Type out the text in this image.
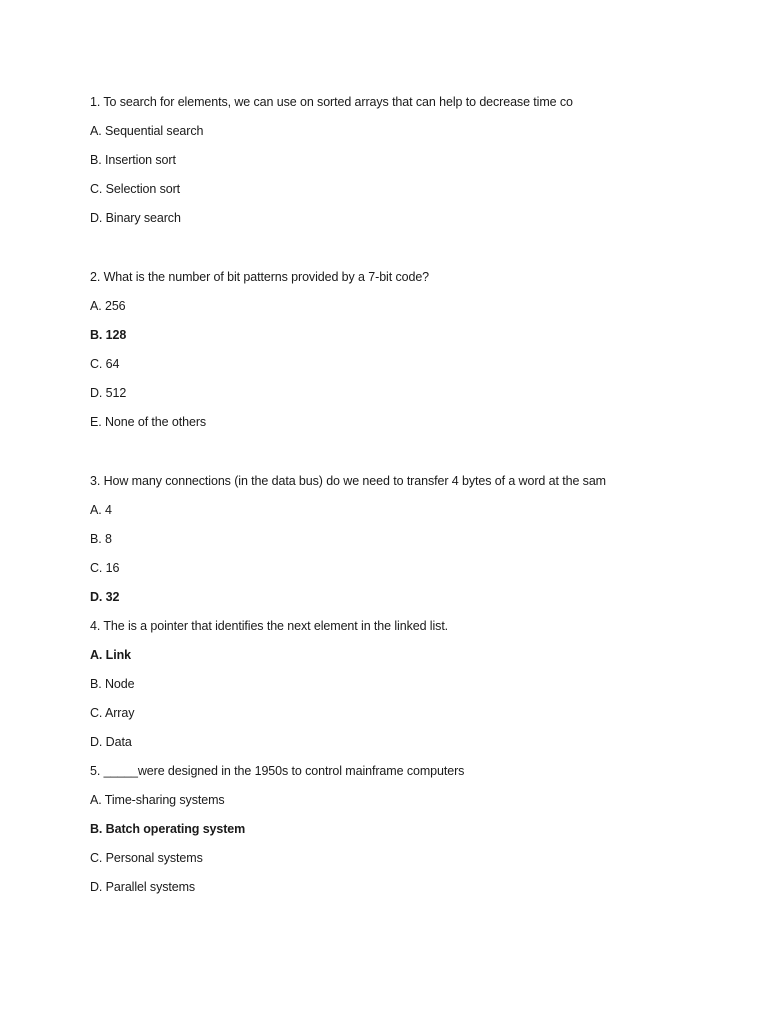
1. To search for elements, we can use on sorted arrays that can help to decrease time co
A. Sequential search
B. Insertion sort
C. Selection sort
D. Binary search
2. What is the number of bit patterns provided by a 7-bit code?
A. 256
B. 128
C. 64
D. 512
E. None of the others
3. How many connections (in the data bus) do we need to transfer 4 bytes of a word at the sam
A. 4
B. 8
C. 16
D. 32
4. The is a pointer that identifies the next element in the linked list.
A. Link
B. Node
C. Array
D. Data
5. _____were designed in the 1950s to control mainframe computers
A. Time-sharing systems
B. Batch operating system
C. Personal systems
D. Parallel systems
